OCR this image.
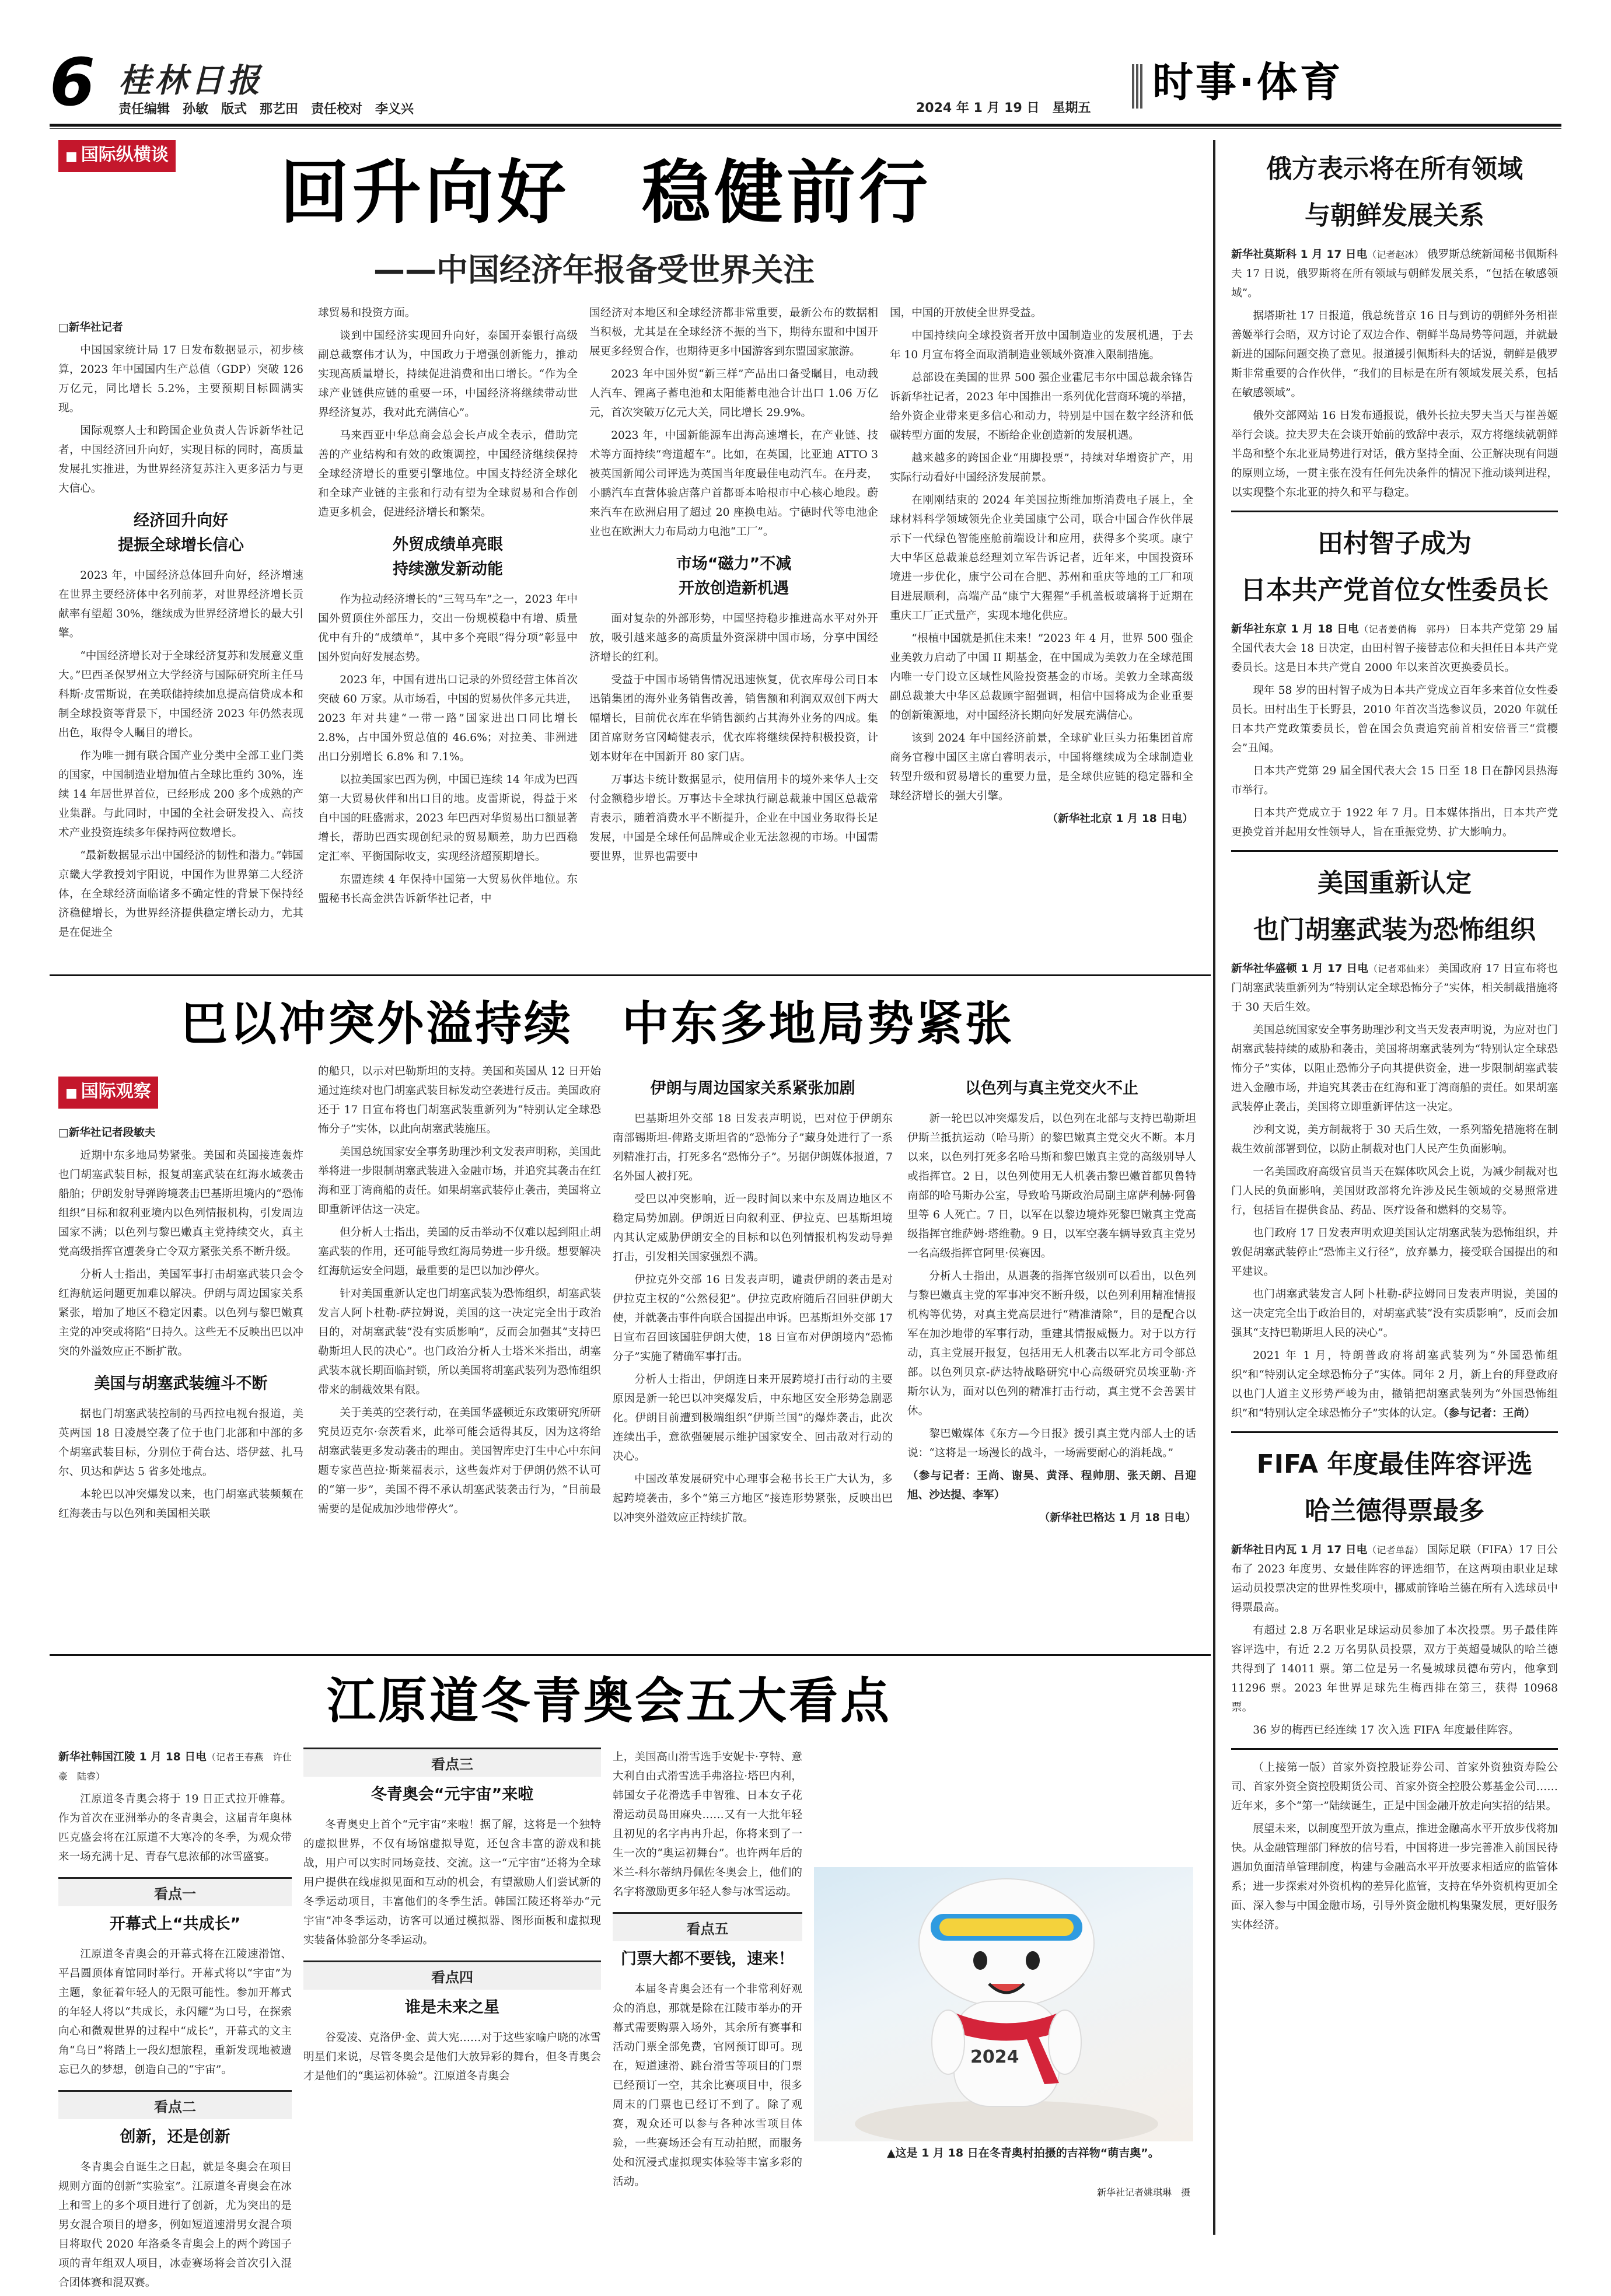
6 桂林日报
责任编辑　孙敏　版式　那艺田　责任校对　李义兴	2024 年 1 月 19 日　星期五
时事·体育
■ 国际纵横谈 回升向好　稳健前行
——中国经济年报备受世界关注

□新华社记者

中国国家统计局 17 日发布数据显示，初步核算，2023 年中国国内生产总值（GDP）突破 126 万亿元，同比增长 5.2%，主要预期目标圆满实现。

国际观察人士和跨国企业负责人告诉新华社记者，中国经济回升向好，实现目标的同时，高质量发展扎实推进，为世界经济复苏注入更多活力与更大信心。

经济回升向好
提振全球增长信心

2023 年，中国经济总体回升向好，经济增速在世界主要经济体中名列前茅，对世界经济增长贡献率有望超 30%，继续成为世界经济增长的最大引擎。

“中国经济增长对于全球经济复苏和发展意义重大。”巴西圣保罗州立大学经济与国际研究所主任马科斯·皮雷斯说，在美联储持续加息提高信贷成本和制全球投资等背景下，中国经济 2023 年仍然表现出色，取得令人瞩目的增长。

作为唯一拥有联合国产业分类中全部工业门类的国家，中国制造业增加值占全球比重约 30%，连续 14 年居世界首位，已经形成 200 多个成熟的产业集群。与此同时，中国的全社会研发投入、高技术产业投资连续多年保持两位数增长。

“最新数据显示出中国经济的韧性和潜力。”韩国京畿大学教授刘宇阳说，中国作为世界第二大经济体，在全球经济面临诸多不确定性的背景下保持经济稳健增长，为世界经济提供稳定增长动力，尤其是在促进全

球贸易和投资方面。

谈到中国经济实现回升向好，泰国开泰银行高级副总裁察伟才认为，中国政力于增强创新能力，推动实现高质量增长，持续促进消费和出口增长。“作为全球产业链供应链的重要一环，中国经济将继续带动世界经济复苏，我对此充满信心”。

马来西亚中华总商会总会长卢成全表示，借助完善的产业结构和有效的政策调控，中国经济继续保持全球经济增长的重要引擎地位。中国支持经济全球化和全球产业链的主张和行动有望为全球贸易和合作创造更多机会，促进经济增长和繁荣。

外贸成绩单亮眼
持续激发新动能

作为拉动经济增长的“三驾马车”之一，2023 年中国外贸顶住外部压力，交出一份规模稳中有增、质量优中有升的“成绩单”，其中多个亮眼“得分项”彰显中国外贸向好发展态势。

2023 年，中国有进出口记录的外贸经营主体首次突破 60 万家。从市场看，中国的贸易伙伴多元共进，2023 年对共建“一带一路”国家进出口同比增长 2.8%，占中国外贸总值的 46.6%；对拉美、非洲进出口分别增长 6.8% 和 7.1%。

以拉美国家巴西为例，中国已连续 14 年成为巴西第一大贸易伙伴和出口目的地。皮雷斯说，得益于来自中国的旺盛需求，2023 年巴西对华贸易出口额显著增长，帮助巴西实现创纪录的贸易顺差，助力巴西稳定汇率、平衡国际收支，实现经济超预期增长。

东盟连续 4 年保持中国第一大贸易伙伴地位。东盟秘书长高金洪告诉新华社记者，中

国经济对本地区和全球经济都非常重要，最新公布的数据相当积极，尤其是在全球经济不振的当下，期待东盟和中国开展更多经贸合作，也期待更多中国游客到东盟国家旅游。

2023 年中国外贸“新三样”产品出口备受瞩目，电动载人汽车、锂离子蓄电池和太阳能蓄电池合计出口 1.06 万亿元，首次突破万亿元大关，同比增长 29.9%。

2023 年，中国新能源车出海高速增长，在产业链、技术等方面持续“弯道超车”。比如，在英国，比亚迪 ATTO 3 被英国新闻公司评选为英国当年度最佳电动汽车。在丹麦，小鹏汽车直营体验店落户首都哥本哈根市中心核心地段。蔚来汽车在欧洲启用了超过 20 座换电站。宁德时代等电池企业也在欧洲大力布局动力电池“工厂”。

市场“磁力”不减
开放创造新机遇

面对复杂的外部形势，中国坚持稳步推进高水平对外开放，吸引越来越多的高质量外资深耕中国市场，分享中国经济增长的红利。

受益于中国市场销售情况迅速恢复，优衣库母公司日本迅销集团的海外业务销售改善，销售额和利润双双创下两大幅增长，目前优衣库在华销售额约占其海外业务的四成。集团首席财务官冈崎健表示，优衣库将继续保持积极投资，计划本财年在中国新开 80 家门店。

万事达卡统计数据显示，使用信用卡的境外来华人士交付金额稳步增长。万事达卡全球执行副总裁兼中国区总裁常青表示，随着消费水平不断提升，企业在中国业务取得长足发展，中国是全球任何品牌或企业无法忽视的市场。中国需要世界，世界也需要中

国，中国的开放使全世界受益。

中国持续向全球投资者开放中国制造业的发展机遇，于去年 10 月宣布将全面取消制造业领域外资准入限制措施。

总部设在美国的世界 500 强企业霍尼韦尔中国总裁余锋告诉新华社记者，2023 年中国推出一系列优化营商环境的举措，给外资企业带来更多信心和动力，特别是中国在数字经济和低碳转型方面的发展，不断给企业创造新的发展机遇。

越来越多的跨国企业“用脚投票”，持续对华增资扩产，用实际行动看好中国经济发展前景。

在刚刚结束的 2024 年美国拉斯维加斯消费电子展上，全球材料科学领域领先企业美国康宁公司，联合中国合作伙伴展示下一代绿色智能座舱前端设计和应用，获得多个奖项。康宁大中华区总裁兼总经理刘立军告诉记者，近年来，中国投资环境进一步优化，康宁公司在合肥、苏州和重庆等地的工厂和项目进展顺利，高端产品“康宁大猩猩”手机盖板玻璃将于近期在重庆工厂正式量产，实现本地化供应。

“根植中国就是抓住未来！”2023 年 4 月，世界 500 强企业美敦力启动了中国 II 期基金，在中国成为美敦力在全球范围内唯一专门设立区域性风险投资基金的市场。美敦力全球高级副总裁兼大中华区总裁顾宇韶强调，相信中国将成为企业重要的创新策源地，对中国经济长期向好发展充满信心。

该到 2024 年中国经济前景，全球矿业巨头力拓集团首席商务官穆中国区主席白睿明表示，中国将继续成为全球制造业转型升级和贸易增长的重要力量，是全球供应链的稳定器和全球经济增长的强大引擎。

（新华社北京 1 月 18 日电）

巴以冲突外溢持续　中东多地局势紧张
■ 国际观察

□新华社记者段敏夫

近期中东多地局势紧张。美国和英国接连轰炸也门胡塞武装目标，报复胡塞武装在红海水域袭击船舶；伊朗发射导弹跨境袭击巴基斯坦境内的“恐怖组织”目标和叙利亚境内以色列情报机构，引发周边国家不满；以色列与黎巴嫩真主党持续交火，真主党高级指挥官遭袭身亡令双方紧张关系不断升级。

分析人士指出，美国军事打击胡塞武装只会令红海航运问题更加难以解决。伊朗与周边国家关系紧张，增加了地区不稳定因素。以色列与黎巴嫩真主党的冲突或将陷“日持久。这些无不反映出巴以冲突的外溢效应正不断扩散。

美国与胡塞武装缠斗不断

据也门胡塞武装控制的马西拉电视台报道，美英两国 18 日凌晨空袭了位于也门北部和中部的多个胡塞武装目标，分别位于荷台达、塔伊兹、扎马尔、贝达和萨达 5 省多处地点。

本轮巴以冲突爆发以来，也门胡塞武装频频在红海袭击与以色列和美国相关联

的船只，以示对巴勒斯坦的支持。美国和英国从 12 日开始通过连续对也门胡塞武装目标发动空袭进行反击。美国政府还于 17 日宣布将也门胡塞武装重新列为“特别认定全球恐怖分子”实体，以此向胡塞武装施压。

美国总统国家安全事务助理沙利文发表声明称，美国此举将进一步限制胡塞武装进入金融市场，并追究其袭击在红海和亚丁湾商船的责任。如果胡塞武装停止袭击，美国将立即重新评估这一决定。

但分析人士指出，美国的反击举动不仅难以起到阻止胡塞武装的作用，还可能导致红海局势进一步升级。想要解决红海航运安全问题，最重要的是巴以加沙停火。

针对美国重新认定也门胡塞武装为恐怖组织，胡塞武装发言人阿卜杜勒-萨拉姆说，美国的这一决定完全出于政治目的，对胡塞武装“没有实质影响”，反而会加强其“支持巴勒斯坦人民的决心”。也门政治分析人士塔米米指出，胡塞武装本就长期面临封锁，所以美国将胡塞武装列为恐怖组织带来的制裁效果有限。

关于美英的空袭行动，在美国华盛顿近东政策研究所研究员迈克尔·奈茨看来，此举可能会适得其反，因为这将给胡塞武装更多发动袭击的理由。美国智库史汀生中心中东问题专家芭芭拉·斯莱福表示，这些轰炸对于伊朗仍然不认可的“第一步”，美国不得不承认胡塞武装袭击行为，“目前最需要的是促成加沙地带停火”。

伊朗与周边国家关系紧张加剧

巴基斯坦外交部 18 日发表声明说，巴对位于伊朗东南部锡斯坦-俾路支斯坦省的“恐怖分子”藏身处进行了一系列精准打击，打死多名“恐怖分子”。另据伊朗媒体报道，7 名外国人被打死。

受巴以冲突影响，近一段时间以来中东及周边地区不稳定局势加剧。伊朗近日向叙利亚、伊拉克、巴基斯坦境内其认定威胁伊朗安全的目标和以色列情报机构发动导弹打击，引发相关国家强烈不满。

伊拉克外交部 16 日发表声明，谴责伊朗的袭击是对伊拉克主权的“公然侵犯”。伊拉克政府随后召回驻伊朗大使，并就袭击事件向联合国提出申诉。巴基斯坦外交部 17 日宣布召回该国驻伊朗大使，18 日宣布对伊朗境内“恐怖分子”实施了精确军事打击。

分析人士指出，伊朗连日来开展跨境打击行动的主要原因是新一轮巴以冲突爆发后，中东地区安全形势急剧恶化。伊朗目前遭到极端组织“伊斯兰国”的爆炸袭击，此次连续出手，意欲强硬展示维护国家安全、回击敌对行动的决心。

中国改革发展研究中心理事会秘书长王广大认为，多起跨境袭击，多个“第三方地区”接连形势紧张，反映出巴以冲突外溢效应正持续扩散。

以色列与真主党交火不止

新一轮巴以冲突爆发后，以色列在北部与支持巴勒斯坦伊斯兰抵抗运动（哈马斯）的黎巴嫩真主党交火不断。本月以来，以色列打死多名哈马斯和黎巴嫩真主党的高级别导人或指挥官。2 日，以色列使用无人机袭击黎巴嫩首都贝鲁特南部的哈马斯办公室，导致哈马斯政治局副主席萨利赫·阿鲁里等 6 人死亡。7 日，以军在以黎边境炸死黎巴嫩真主党高级指挥官维萨姆·塔维勒。9 日，以军空袭车辆导致真主党另一名高级指挥官阿里·侯赛因。

分析人士指出，从遇袭的指挥官级别可以看出，以色列与黎巴嫩真主党的军事冲突不断升级，以色列利用精准情报机构等优势，对真主党高层进行“精准清除”，目的是配合以军在加沙地带的军事行动，重建其情报威慑力。对于以方行动，真主党展开报复，包括用无人机袭击以军北方司令部总部。以色列贝京-萨达特战略研究中心高级研究员埃亚勒·齐斯尔认为，面对以色列的精准打击行动，真主党不会善罢甘休。

黎巴嫩媒体《东方—今日报》援引真主党内部人士的话说：“这将是一场漫长的战斗，一场需要耐心的消耗战。”

（参与记者：王尚、谢昊、黄泽、程帅朋、张天朗、吕迎旭、沙达提、李军）

（新华社巴格达 1 月 18 日电）

江原道冬青奥会五大看点

新华社韩国江陵 1 月 18 日电（记者王春燕　许仕豪　陆睿）

江原道冬青奥会将于 19 日正式拉开帷幕。作为首次在亚洲举办的冬青奥会，这届青年奥林匹克盛会将在江原道不大寒冷的冬季，为观众带来一场充满十足、青春气息浓郁的冰雪盛宴。

看点一
开幕式上“共成长”

江原道冬青奥会的开幕式将在江陵速滑馆、平昌圆顶体育馆同时举行。开幕式将以“宇宙”为主题，象征着年轻人的无限可能性。参加开幕式的年轻人将以“共成长，永闪耀”为口号，在探索向心和微观世界的过程中“成长”，开幕式的文主角“乌日”将踏上一段幻想旅程，重新发现地被遗忘已久的梦想，创造自己的“宇宙”。

看点二
创新，还是创新

冬青奥会自诞生之日起，就是冬奥会在项目规则方面的创新“实验室”。江原道冬青奥会在冰上和雪上的多个项目进行了创新，尤为突出的是男女混合项目的增多，例如短道速滑男女混合项目将取代 2020 年洛桑冬青奥会上的两个跨国子项的青年组双人项目，冰壶赛场将会首次引入混合团体赛和混双赛。

看点三
冬青奥会“元宇宙”来啦

冬青奥史上首个“元宇宙”来啦！据了解，这将是一个独特的虚拟世界，不仅有场馆虚拟导览，还包含丰富的游戏和挑战，用户可以实时同场竞技、交流。这一“元宇宙”还将为全球用户提供在线虚拟见面和互动的机会，有望激励人们尝试新的冬季运动项目，丰富他们的冬季生活。韩国江陵还将举办“元宇宙”冲冬季运动，访客可以通过模拟器、图形面板和虚拟现实装备体验部分冬季运动。

看点四
谁是未来之星

谷爱凌、克洛伊·金、黄大宪……对于这些家喻户晓的冰雪明星们来说，尽管冬奥会是他们大放异彩的舞台，但冬青奥会才是他们的“奥运初体验”。江原道冬青奥会

上，美国高山滑雪选手安妮卡·亨特、意大利自由式滑雪选手弗洛拉·塔巴内利，韩国女子花滑选手申智雅、日本女子花滑运动员岛田麻央……又有一大批年轻且初见的名字冉冉升起，你将来到了一生一次的“奥运初舞台”。也许两年后的米兰-科尔蒂纳丹佩佐冬奥会上，他们的名字将激励更多年轻人参与冰雪运动。

看点五
门票大都不要钱，速来！

本届冬青奥会还有一个非常利好观众的消息，那就是除在江陵市举办的开幕式需要购票入场外，其余所有赛事和活动门票全部免费，官网预订即可。现在，短道速滑、跳台滑雪等项目的门票已经预订一空，其余比赛项目中，很多周末的门票也已经订不到了。除了观赛，观众还可以参与各种冰雪项目体验，一些赛场还会有互动拍照，而服务处和沉浸式虚拟现实体验等丰富多彩的活动。

2024
▲这是 1 月 18 日在冬青奥村拍摄的吉祥物“萌吉奥”。
新华社记者姚琪琳　摄
俄方表示将在所有领域
与朝鲜发展关系

新华社莫斯科 1 月 17 日电（记者赵冰） 俄罗斯总统新闻秘书佩斯科夫 17 日说，俄罗斯将在所有领域与朝鲜发展关系，“包括在敏感领域”。

据塔斯社 17 日报道，俄总统普京 16 日与到访的朝鲜外务相崔善姬举行会晤，双方讨论了双边合作、朝鲜半岛局势等问题，并就最新进的国际问题交换了意见。报道援引佩斯科夫的话说，朝鲜是俄罗斯非常重要的合作伙伴，“我们的目标是在所有领域发展关系，包括在敏感领域”。

俄外交部网站 16 日发布通报说，俄外长拉夫罗夫当天与崔善姬举行会谈。拉夫罗夫在会谈开始前的致辞中表示，双方将继续就朝鲜半岛和整个东北亚局势进行对话，俄方坚持全面、公正解决现有问题的原则立场，一贯主张在没有任何先决条件的情况下推动谈判进程，以实现整个东北亚的持久和平与稳定。

田村智子成为
日本共产党首位女性委员长

新华社东京 1 月 18 日电（记者姜俏梅　郭丹） 日本共产党第 29 届全国代表大会 18 日决定，由田村智子接替志位和夫担任日本共产党委员长。这是日本共产党自 2000 年以来首次更换委员长。

现年 58 岁的田村智子成为日本共产党成立百年多来首位女性委员长。田村出生于长野县，2010 年首次当选参议员，2020 年就任日本共产党政策委员长，曾在国会负责追究前首相安倍晋三“赏樱会”丑闻。

日本共产党第 29 届全国代表大会 15 日至 18 日在静冈县热海市举行。

日本共产党成立于 1922 年 7 月。日本媒体指出，日本共产党更换党首并起用女性领导人，旨在重振党势、扩大影响力。

美国重新认定
也门胡塞武装为恐怖组织

新华社华盛顿 1 月 17 日电（记者邓仙来） 美国政府 17 日宣布将也门胡塞武装重新列为“特别认定全球恐怖分子”实体，相关制裁措施将于 30 天后生效。

美国总统国家安全事务助理沙利文当天发表声明说，为应对也门胡塞武装持续的威胁和袭击，美国将胡塞武装列为“特别认定全球恐怖分子”实体，以阻止恐怖分子向其提供资金，进一步限制胡塞武装进入金融市场，并追究其袭击在红海和亚丁湾商船的责任。如果胡塞武装停止袭击，美国将立即重新评估这一决定。

沙利文说，美方制裁将于 30 天后生效，一系列豁免措施将在制裁生效前部署到位，以防止制裁对也门人民产生负面影响。

一名美国政府高级官员当天在媒体吹风会上说，为减少制裁对也门人民的负面影响，美国财政部将允许涉及民生领域的交易照常进行，包括旨在提供食品、药品、医疗设备和燃料的交易等。

也门政府 17 日发表声明欢迎美国认定胡塞武装为恐怖组织，并敦促胡塞武装停止“恐怖主义行径”，放弃暴力，接受联合国提出的和平建议。

也门胡塞武装发言人阿卜杜勒-萨拉姆同日发表声明说，美国的这一决定完全出于政治目的，对胡塞武装“没有实质影响”，反而会加强其“支持巴勒斯坦人民的决心”。

2021 年 1 月，特朗普政府将胡塞武装列为“外国恐怖组织”和“特别认定全球恐怖分子”实体。同年 2 月，新上台的拜登政府以也门人道主义形势严峻为由，撤销把胡塞武装列为“外国恐怖组织”和“特别认定全球恐怖分子”实体的认定。（参与记者：王尚）

FIFA 年度最佳阵容评选
哈兰德得票最多

新华社日内瓦 1 月 17 日电（记者单磊） 国际足联（FIFA）17 日公布了 2023 年度男、女最佳阵容的评选细节，在这两项由职业足球运动员投票决定的世界性奖项中，挪威前锋哈兰德在所有入选球员中得票最高。

有超过 2.8 万名职业足球运动员参加了本次投票。男子最佳阵容评选中，有近 2.2 万名男队员投票，双方于英超曼城队的哈兰德共得到了 14011 票。第二位是另一名曼城球员德布劳内，他拿到 11296 票。2023 年世界足球先生梅西排在第三，获得 10968 票。

36 岁的梅西已经连续 17 次入选 FIFA 年度最佳阵容。

（上接第一版）首家外资控股证券公司、首家外资独资寿险公司、首家外资全资控股期货公司、首家外资全控股公募基金公司……近年来，多个“第一”陆续诞生，正是中国金融开放走向实招的结果。

展望未来，以制度型开放为重点，推进金融高水平开放步伐将加快。从金融管理部门释放的信号看，中国将进一步完善准入前国民待遇加负面清单管理制度，构建与金融高水平开放要求相适应的监管体系；进一步探索对外资机构的差异化监管，支持在华外资机构更加全面、深入参与中国金融市场，引导外资金融机构集聚发展，更好服务实体经济。
